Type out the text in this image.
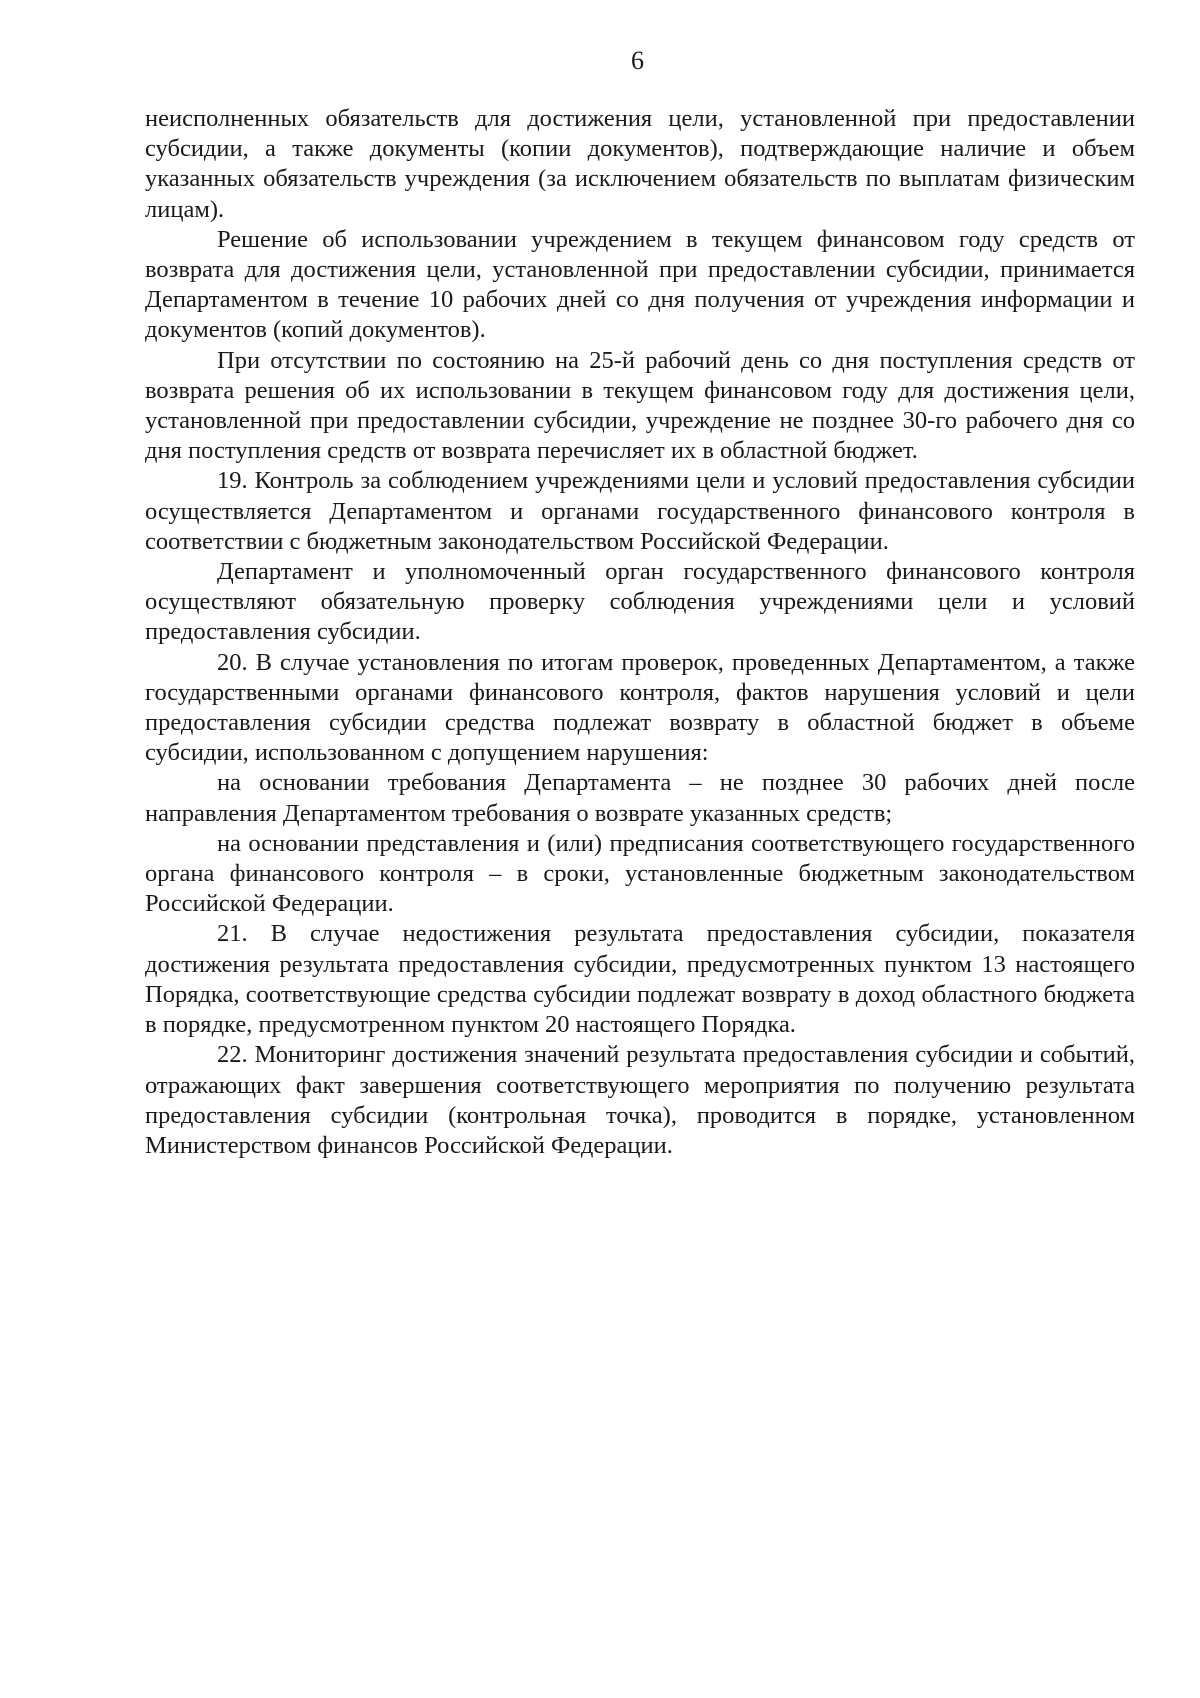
6

неисполненных обязательств для достижения цели, установленной при предоставлении субсидии, а также документы (копии документов), подтверждающие наличие и объем указанных обязательств учреждения (за исключением обязательств по выплатам физическим лицам).

Решение об использовании учреждением в текущем финансовом году средств от возврата для достижения цели, установленной при предоставлении субсидии, принимается Департаментом в течение 10 рабочих дней со дня получения от учреждения информации и документов (копий документов).

При отсутствии по состоянию на 25-й рабочий день со дня поступления средств от возврата решения об их использовании в текущем финансовом году для достижения цели, установленной при предоставлении субсидии, учреждение не позднее 30-го рабочего дня со дня поступления средств от возврата перечисляет их в областной бюджет.

19. Контроль за соблюдением учреждениями цели и условий предоставления субсидии осуществляется Департаментом и органами государственного финансового контроля в соответствии с бюджетным законодательством Российской Федерации.

Департамент и уполномоченный орган государственного финансового контроля осуществляют обязательную проверку соблюдения учреждениями цели и условий предоставления субсидии.

20. В случае установления по итогам проверок, проведенных Департаментом, а также государственными органами финансового контроля, фактов нарушения условий и цели предоставления субсидии средства подлежат возврату в областной бюджет в объеме субсидии, использованном с допущением нарушения:

на основании требования Департамента – не позднее 30 рабочих дней после направления Департаментом требования о возврате указанных средств;

на основании представления и (или) предписания соответствующего государственного органа финансового контроля – в сроки, установленные бюджетным законодательством Российской Федерации.

21. В случае недостижения результата предоставления субсидии, показателя достижения результата предоставления субсидии, предусмотренных пунктом 13 настоящего Порядка, соответствующие средства субсидии подлежат возврату в доход областного бюджета в порядке, предусмотренном пунктом 20 настоящего Порядка.

22. Мониторинг достижения значений результата предоставления субсидии и событий, отражающих факт завершения соответствующего мероприятия по получению результата предоставления субсидии (контрольная точка), проводится в порядке, установленном Министерством финансов Российской Федерации.
